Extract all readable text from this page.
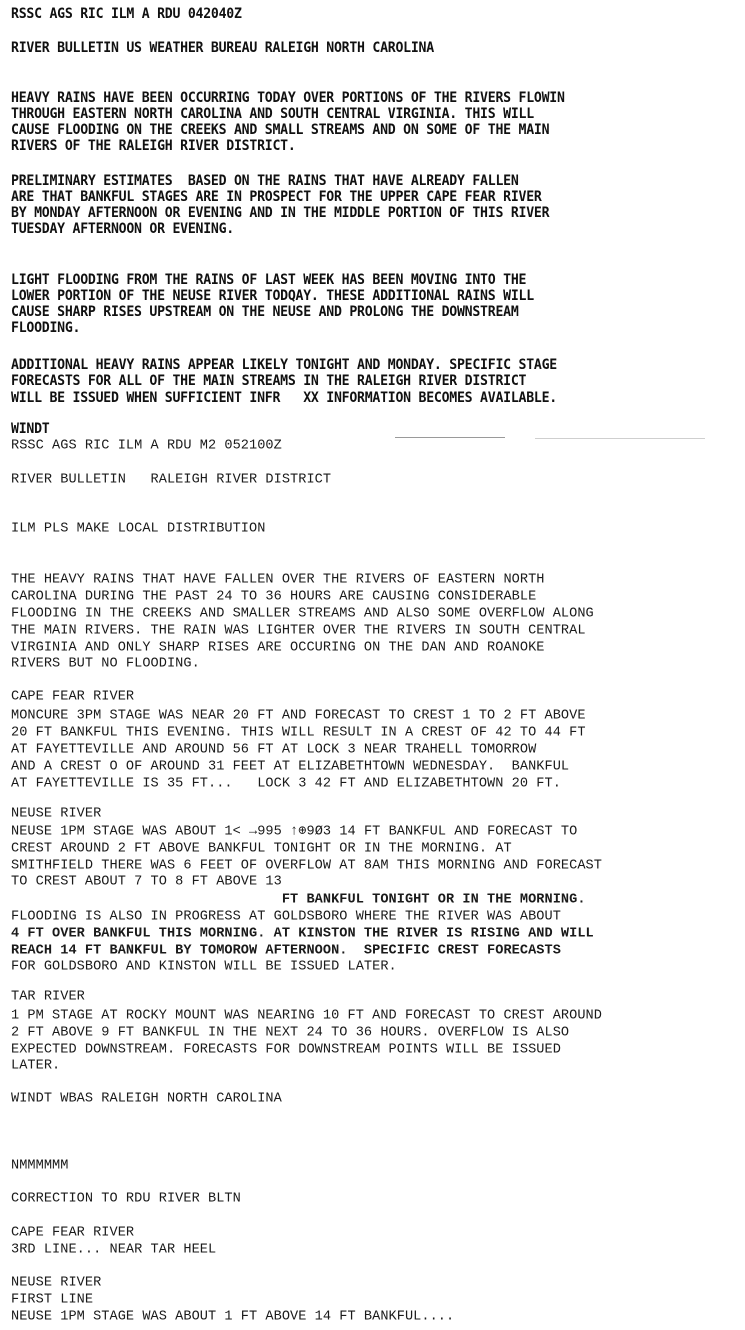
RSSC AGS RIC ILM A RDU 042040Z

RIVER BULLETIN US WEATHER BUREAU RALEIGH NORTH CAROLINA

HEAVY RAINS HAVE BEEN OCCURRING TODAY OVER PORTIONS OF THE RIVERS FLOWIN

THROUGH EASTERN NORTH CAROLINA AND SOUTH CENTRAL VIRGINIA. THIS WILL

CAUSE FLOODING ON THE CREEKS AND SMALL STREAMS AND ON SOME OF THE MAIN

RIVERS OF THE RALEIGH RIVER DISTRICT.

PRELIMINARY ESTIMATES  BASED ON THE RAINS THAT HAVE ALREADY FALLEN

ARE THAT BANKFUL STAGES ARE IN PROSPECT FOR THE UPPER CAPE FEAR RIVER

BY MONDAY AFTERNOON OR EVENING AND IN THE MIDDLE PORTION OF THIS RIVER

TUESDAY AFTERNOON OR EVENING.

LIGHT FLOODING FROM THE RAINS OF LAST WEEK HAS BEEN MOVING INTO THE

LOWER PORTION OF THE NEUSE RIVER TODQAY. THESE ADDITIONAL RAINS WILL

CAUSE SHARP RISES UPSTREAM ON THE NEUSE AND PROLONG THE DOWNSTREAM

FLOODING.

ADDITIONAL HEAVY RAINS APPEAR LIKELY TONIGHT AND MONDAY. SPECIFIC STAGE

FORECASTS FOR ALL OF THE MAIN STREAMS IN THE RALEIGH RIVER DISTRICT

WILL BE ISSUED WHEN SUFFICIENT INFR   XX INFORMATION BECOMES AVAILABLE.

WINDT

RSSC AGS RIC ILM A RDU M2 052100Z

RIVER BULLETIN   RALEIGH RIVER DISTRICT

ILM PLS MAKE LOCAL DISTRIBUTION

THE HEAVY RAINS THAT HAVE FALLEN OVER THE RIVERS OF EASTERN NORTH

CAROLINA DURING THE PAST 24 TO 36 HOURS ARE CAUSING CONSIDERABLE

FLOODING IN THE CREEKS AND SMALLER STREAMS AND ALSO SOME OVERFLOW ALONG

THE MAIN RIVERS. THE RAIN WAS LIGHTER OVER THE RIVERS IN SOUTH CENTRAL

VIRGINIA AND ONLY SHARP RISES ARE OCCURING ON THE DAN AND ROANOKE

RIVERS BUT NO FLOODING.

CAPE FEAR RIVER

MONCURE 3PM STAGE WAS NEAR 20 FT AND FORECAST TO CREST 1 TO 2 FT ABOVE

20 FT BANKFUL THIS EVENING. THIS WILL RESULT IN A CREST OF 42 TO 44 FT

AT FAYETTEVILLE AND AROUND 56 FT AT LOCK 3 NEAR TRAHELL TOMORROW

AND A CREST O OF AROUND 31 FEET AT ELIZABETHTOWN WEDNESDAY.  BANKFUL

AT FAYETTEVILLE IS 35 FT...   LOCK 3 42 FT AND ELIZABETHTOWN 20 FT.

NEUSE RIVER

NEUSE 1PM STAGE WAS ABOUT 1< →995 ↑⊕9Ø3 14 FT BANKFUL AND FORECAST TO

CREST AROUND 2 FT ABOVE BANKFUL TONIGHT OR IN THE MORNING. AT

SMITHFIELD THERE WAS 6 FEET OF OVERFLOW AT 8AM THIS MORNING AND FORECAST

TO CREST ABOUT 7 TO 8 FT ABOVE 13

FT BANKFUL TONIGHT OR IN THE MORNING.

FLOODING IS ALSO IN PROGRESS AT GOLDSBORO WHERE THE RIVER WAS ABOUT

4 FT OVER BANKFUL THIS MORNING. AT KINSTON THE RIVER IS RISING AND WILL

REACH 14 FT BANKFUL BY TOMOROW AFTERNOON.  SPECIFIC CREST FORECASTS

FOR GOLDSBORO AND KINSTON WILL BE ISSUED LATER.

TAR RIVER

1 PM STAGE AT ROCKY MOUNT WAS NEARING 10 FT AND FORECAST TO CREST AROUND

2 FT ABOVE 9 FT BANKFUL IN THE NEXT 24 TO 36 HOURS. OVERFLOW IS ALSO

EXPECTED DOWNSTREAM. FORECASTS FOR DOWNSTREAM POINTS WILL BE ISSUED

LATER.

WINDT WBAS RALEIGH NORTH CAROLINA

NMMMMMM

CORRECTION TO RDU RIVER BLTN

CAPE FEAR RIVER

3RD LINE... NEAR TAR HEEL

NEUSE RIVER

FIRST LINE

NEUSE 1PM STAGE WAS ABOUT 1 FT ABOVE 14 FT BANKFUL....
